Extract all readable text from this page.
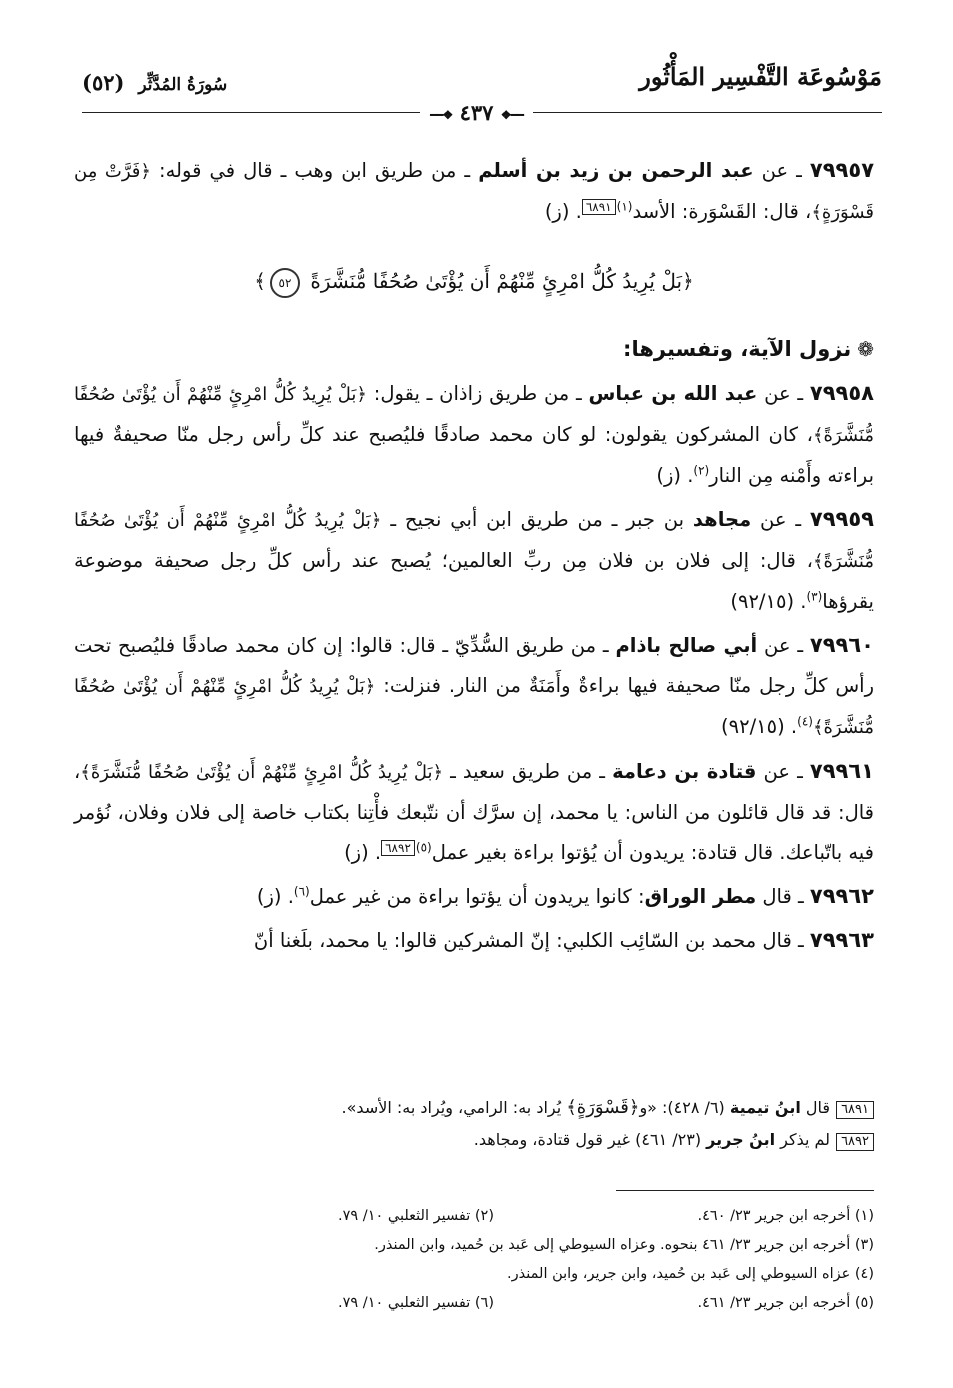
مَوْسُوعَة التَّفْسِير المَأْثُور
سُورَةُ المُدَّثِّر (٥٢)
━━❖ ٤٣٧ ❖━━

٧٩٩٥٧ ـ عن عبد الرحمن بن زيد بن أسلم ـ من طريق ابن وهب ـ قال في قوله: ﴿فَرَّتْ مِن قَسْوَرَةٍ﴾، قال: القَسْوَرة: الأسد$^{(١)}$٦٨٩١. (ز)

﴿بَلْ يُرِيدُ كُلُّ امْرِئٍ مِّنْهُمْ أَن يُؤْتَىٰ صُحُفًا مُّنَشَّرَةً ٥٢﴾
❁نزول الآية، وتفسيرها:

٧٩٩٥٨ ـ عن عبد الله بن عباس ـ من طريق زاذان ـ يقول: ﴿بَلْ يُرِيدُ كُلُّ امْرِئٍ مِّنْهُمْ أَن يُؤْتَىٰ صُحُفًا مُّنَشَّرَةً﴾، كان المشركون يقولون: لو كان محمد صادقًا فليُصبح عند كلِّ رأس رجل منّا صحيفةٌ فيها براءته وأَمْنه مِن النار$^{(٢)}$. (ز)

٧٩٩٥٩ ـ عن مجاهد بن جبر ـ من طريق ابن أبي نجيح ـ ﴿بَلْ يُرِيدُ كُلُّ امْرِئٍ مِّنْهُمْ أَن يُؤْتَىٰ صُحُفًا مُّنَشَّرَةً﴾، قال: إلى فلان بن فلان مِن ربِّ العالمين؛ يُصبح عند رأس كلِّ رجل صحيفة موضوعة يقرؤها$^{(٣)}$. (٩٢/١٥)

٧٩٩٦٠ ـ عن أبي صالح باذام ـ من طريق السُّدِّيّ ـ قال: قالوا: إن كان محمد صادقًا فليُصبح تحت رأس كلِّ رجل منّا صحيفة فيها براءةٌ وأَمَنَةٌ من النار. فنزلت: ﴿بَلْ يُرِيدُ كُلُّ امْرِئٍ مِّنْهُمْ أَن يُؤْتَىٰ صُحُفًا مُّنَشَّرَةً﴾$^{(٤)}$. (٩٢/١٥)

٧٩٩٦١ ـ عن قتادة بن دعامة ـ من طريق سعيد ـ ﴿بَلْ يُرِيدُ كُلُّ امْرِئٍ مِّنْهُمْ أَن يُؤْتَىٰ صُحُفًا مُّنَشَّرَةً﴾، قال: قد قال قائلون من الناس: يا محمد، إن سرَّك أن نتّبعك فأْتِنا بكتاب خاصة إلى فلان وفلان، نُؤمر فيه باتّباعك. قال قتادة: يريدون أن يُؤتوا براءة بغير عمل$^{(٥)}$٦٨٩٢. (ز)

٧٩٩٦٢ ـ قال مطر الوراق: كانوا يريدون أن يؤتوا براءة من غير عمل$^{(٦)}$. (ز)

٧٩٩٦٣ ـ قال محمد بن السّائِب الكلبي: إنّ المشركين قالوا: يا محمد، بلَغنا أنّ

٦٨٩١قال ابنُ تيمية (٦/ ٤٢٨): «و﴿قَسْوَرَةٍ﴾ يُراد به: الرامي، ويُراد به: الأسد».
٦٨٩٢لم يذكر ابنُ جرير (٢٣/ ٤٦١) غير قول قتادة، ومجاهد.
(١) أخرجه ابن جرير ٢٣/ ٤٦٠.
(٢) تفسير الثعلبي ١٠/ ٧٩.
(٣) أخرجه ابن جرير ٢٣/ ٤٦١ بنحوه. وعزاه السيوطي إلى عَبد بن حُميد، وابن المنذر.
(٤) عزاه السيوطي إلى عَبد بن حُميد، وابن جرير، وابن المنذر.
(٥) أخرجه ابن جرير ٢٣/ ٤٦١.
(٦) تفسير الثعلبي ١٠/ ٧٩.
